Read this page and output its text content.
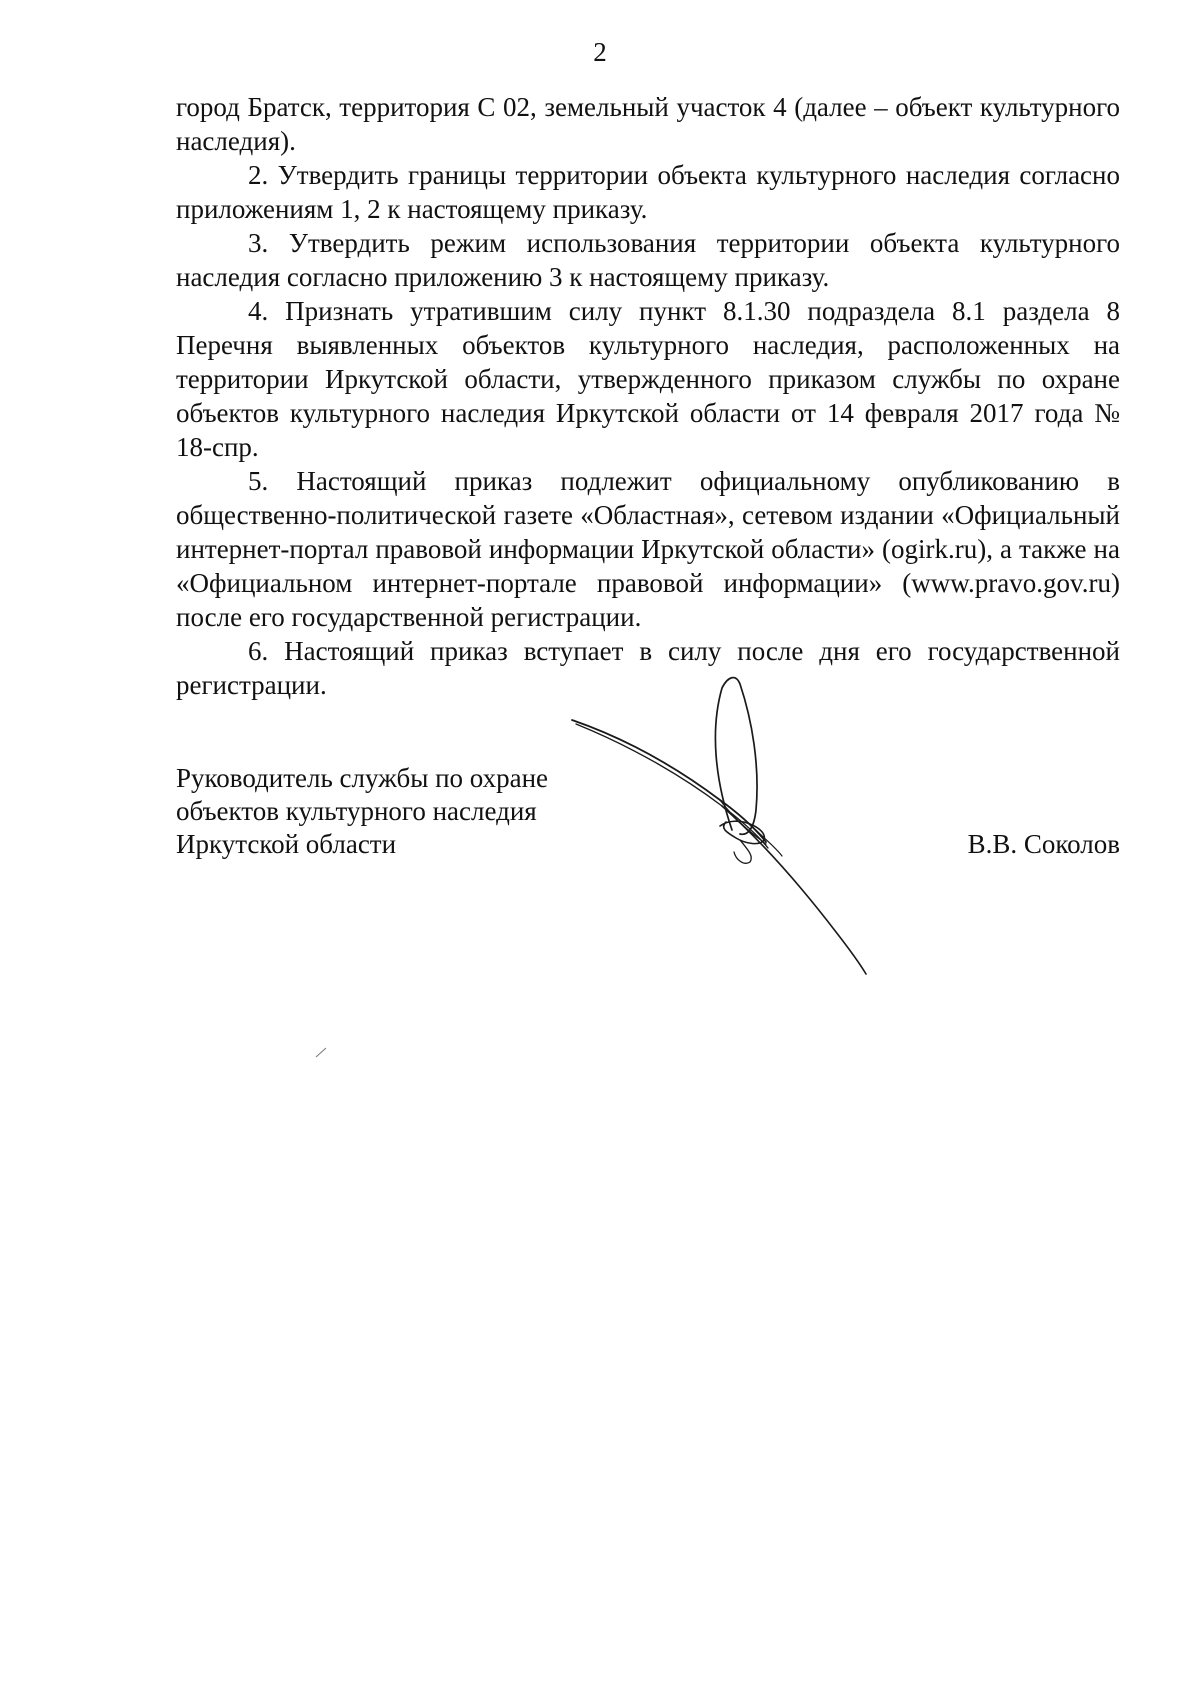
2

город Братск, территория С 02, земельный участок 4 (далее – объект культурного наследия).

2. Утвердить границы территории объекта культурного наследия согласно приложениям 1, 2 к настоящему приказу.

3. Утвердить режим использования территории объекта культурного наследия согласно приложению 3 к настоящему приказу.

4. Признать утратившим силу пункт 8.1.30 подраздела 8.1 раздела 8 Перечня выявленных объектов культурного наследия, расположенных на территории Иркутской области, утвержденного приказом службы по охране объектов культурного наследия Иркутской области от 14 февраля 2017 года № 18-спр.

5. Настоящий приказ подлежит официальному опубликованию в общественно-политической газете «Областная», сетевом издании «Официальный интернет-портал правовой информации Иркутской области» (ogirk.ru), а также на «Официальном интернет-портале правовой информации» (www.pravo.gov.ru) после его государственной регистрации.

6. Настоящий приказ вступает в силу после дня его государственной регистрации.

Руководитель службы по охране
объектов культурного наследия
Иркутской области	В.В. Соколов
